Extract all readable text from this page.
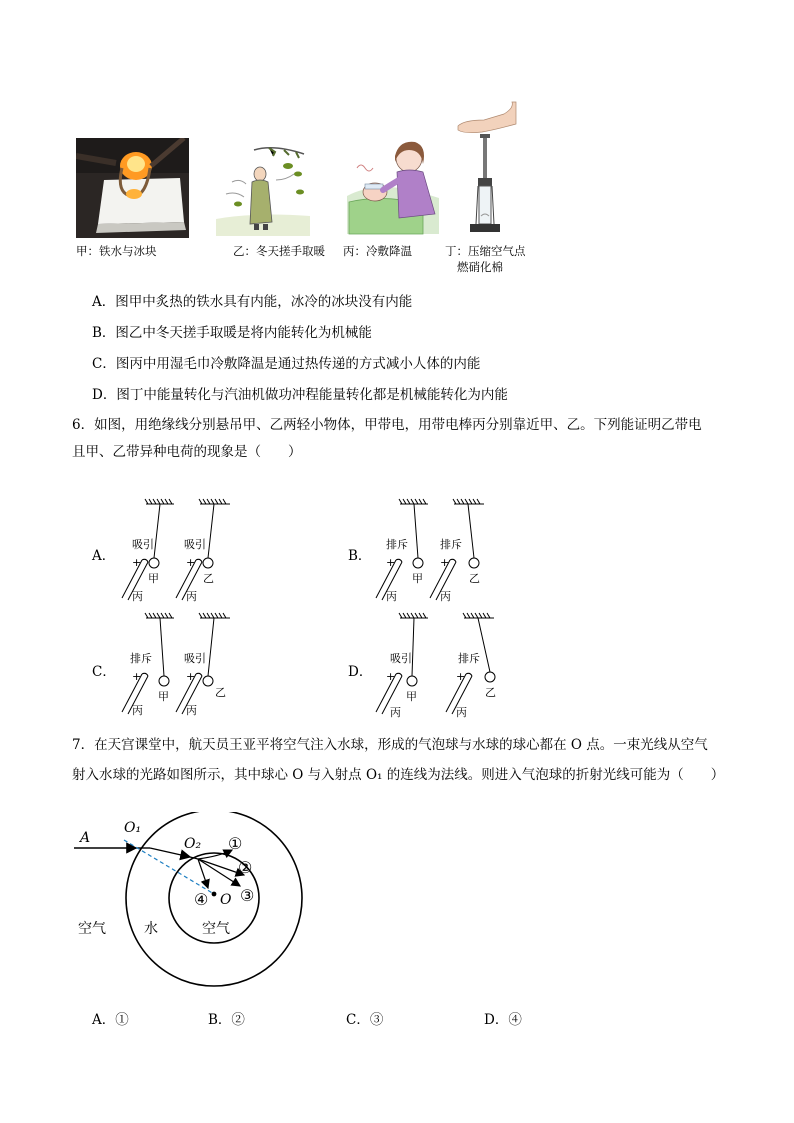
甲：铁水与冰块	乙：冬天搓手取暖 丙：冷敷降温	丁：压缩空气点
燃硝化棉
A．图甲中炙热的铁水具有内能，冰冷的冰块没有内能
B．图乙中冬天搓手取暖是将内能转化为机械能
C．图丙中用湿毛巾冷敷降温是通过热传递的方式减小人体的内能
D．图丁中能量转化与汽油机做功冲程能量转化都是机械能转化为内能
6．如图，用绝缘线分别悬吊甲、乙两轻小物体，甲带电，用带电棒丙分别靠近甲、乙。下列能证明乙带电
且甲、乙带异种电荷的现象是（　　）
A．	B．
C．	D．
吸引	吸引
+	+
甲	乙
丙	丙
排斥	排斥
+	+
甲	乙
丙	丙
排斥	吸引
+	+
甲	乙
丙	丙
吸引	排斥
+	+
甲	乙
丙	丙
7．在天宫课堂中，航天员王亚平将空气注入水球，形成的气泡球与水球的球心都在 O 点。一束光线从空气
射入水球的光路如图所示，其中球心 O 与入射点 O₁ 的连线为法线。则进入气泡球的折射光线可能为（　　）
A
O₁
O₂
O
①
②
③
④
空气	水	空气
A．①	B．②	C．③	D．④
